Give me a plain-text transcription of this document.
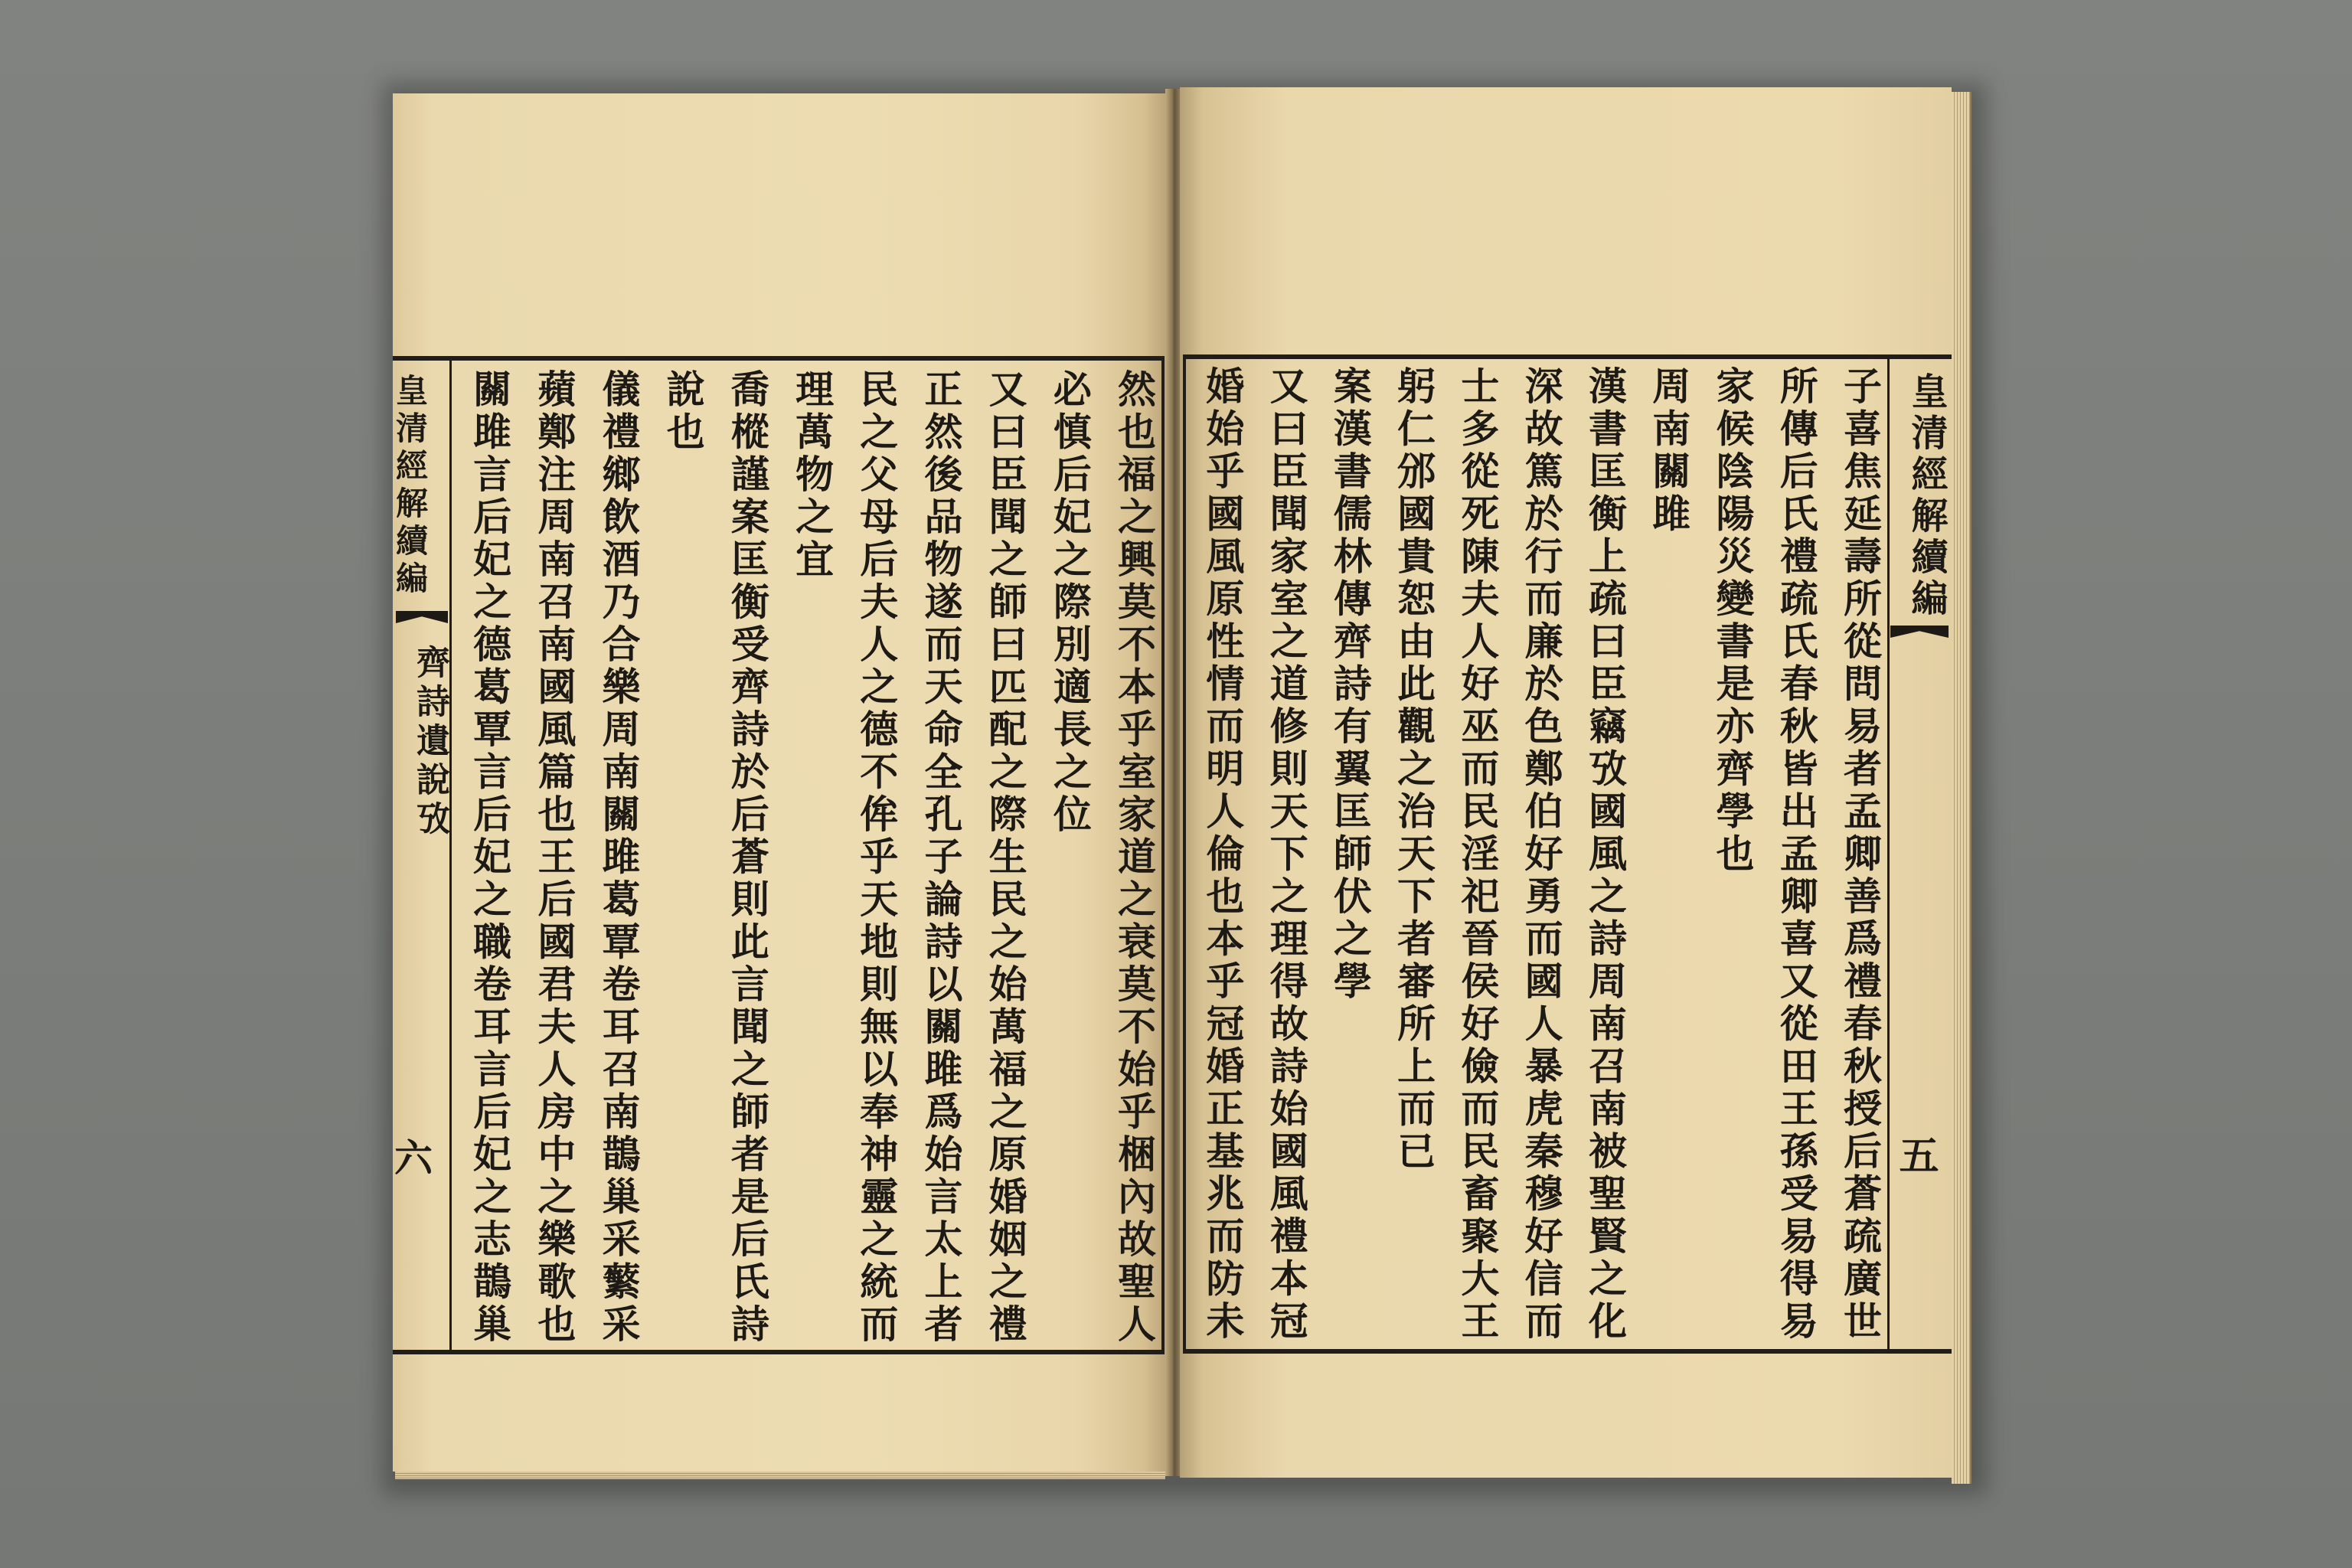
皇清經解續編
齊詩遺說攷
六	然也福之興莫不本乎室家道之衰莫不始乎梱內故聖人
必慎后妃之際別適長之位
又曰臣聞之師曰匹配之際生民之始萬福之原婚姻之禮
正然後品物遂而天命全孔子論詩以關雎爲始言太上者
民之父母后夫人之德不侔乎天地則無以奉神靈之統而
理萬物之宜
喬樅謹案匡衡受齊詩於后蒼則此言聞之師者是后氏詩
說也
儀禮鄉飲酒乃合樂周南關雎葛覃卷耳召南鵲巢采蘩采
蘋鄭注周南召南國風篇也王后國君夫人房中之樂歌也
關雎言后妃之德葛覃言后妃之職卷耳言后妃之志鵲巢	子喜焦延壽所從問易者孟卿善爲禮春秋授后蒼疏廣世
所傳后氏禮疏氏春秋皆出孟卿喜又從田王孫受易得易
家候陰陽災變書是亦齊學也
周南關雎
漢書匡衡上疏曰臣竊攷國風之詩周南召南被聖賢之化
深故篤於行而廉於色鄭伯好勇而國人暴虎秦穆好信而
士多從死陳夫人好巫而民淫祀晉侯好儉而民畜聚大王
躬仁邠國貴恕由此觀之治天下者審所上而已
案漢書儒林傳齊詩有翼匡師伏之學
又曰臣聞家室之道修則天下之理得故詩始國風禮本冠
婚始乎國風原性情而明人倫也本乎冠婚正基兆而防未	皇清經解續編
五
